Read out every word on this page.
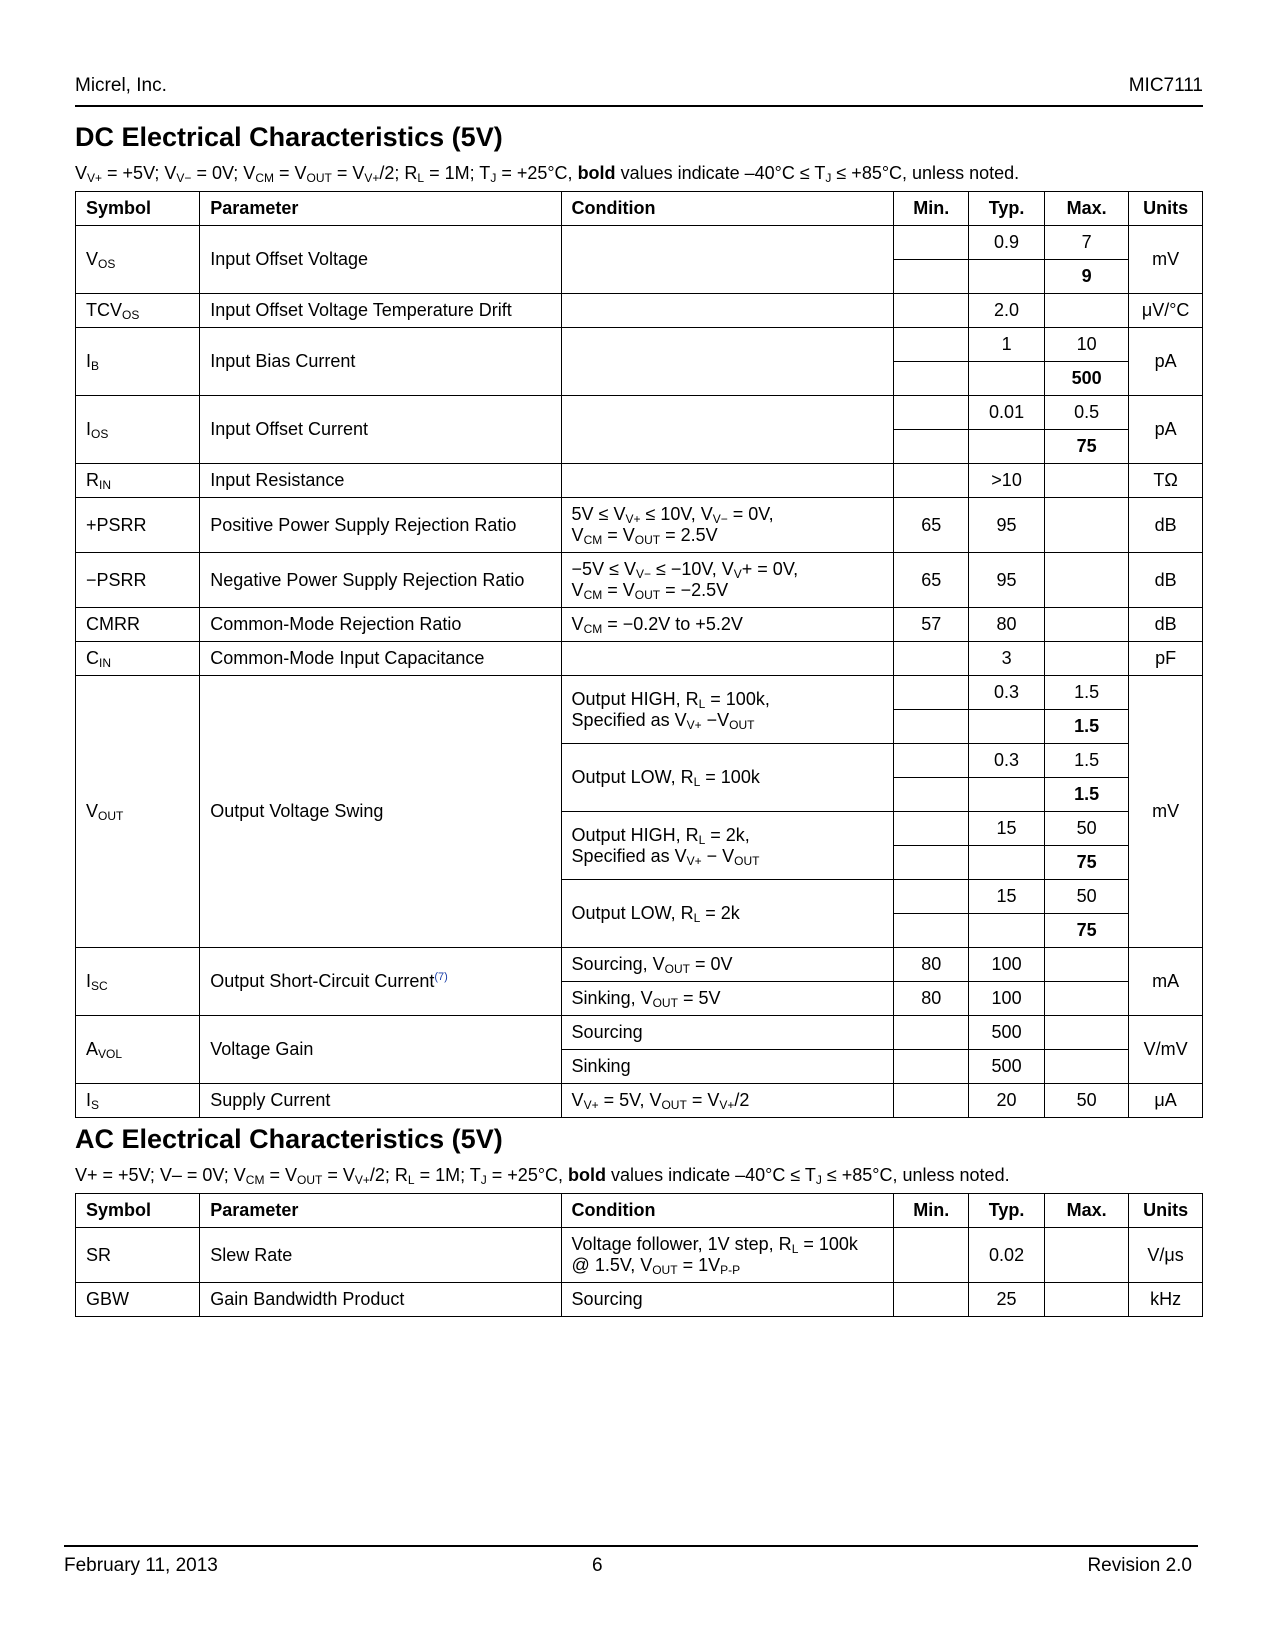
Micrel, Inc.	MIC7111
DC Electrical Characteristics (5V)

$V_{V+} = +5V$; $V_{V-} = 0V$; $V_{CM} = V_{OUT} = V_{V+}/2$; $R_L = 1M$; $T_J = +25^\circ C$, bold values indicate $-40^\circ C \le T_J \le +85^\circ C$, unless noted.

Symbol	Parameter	Condition	Min.	Typ.	Max.	Units
$V_{OS}$	Input Offset Voltage			0.9	7	mV
					9	
$TCV_{OS}$	Input Offset Voltage Temperature Drift			2.0		μV/°C
$I_B$	Input Bias Current			1	10	pA
					500	
$I_{OS}$	Input Offset Current			0.01	0.5	pA
					75	
$R_{IN}$	Input Resistance			>10		TΩ
+PSRR	Positive Power Supply Rejection Ratio	$5V \le V_{V+} \le 10V$, $V_{V-} = 0V$,
$V_{CM} = V_{OUT} = 2.5V$	65	95		dB
−PSRR	Negative Power Supply Rejection Ratio	$-5V \le V_{V-} \le -10V$, $V_V+ = 0V$,
$V_{CM} = V_{OUT} = -2.5V$	65	95		dB
CMRR	Common-Mode Rejection Ratio	$V_{CM} = -0.2V$ to +5.2V	57	80		dB
$C_{IN}$	Common-Mode Input Capacitance			3		pF
$V_{OUT}$	Output Voltage Swing	Output HIGH, $R_L = 100k$,
Specified as $V_{V+} -V_{OUT}$		0.3	1.5	mV
					1.5	
		Output LOW, $R_L = 100k$		0.3	1.5	
					1.5	
		Output HIGH, $R_L = 2k$,
Specified as $V_{V+} - V_{OUT}$		15	50	
					75	
		Output LOW, $R_L = 2k$		15	50	
					75	
$I_{SC}$	Output Short-Circuit Current$^{(7)}$	Sourcing, $V_{OUT} = 0V$	80	100		mA
		Sinking, $V_{OUT} = 5V$	80	100		
$A_{VOL}$	Voltage Gain	Sourcing		500		V/mV
		Sinking		500		
$I_S$	Supply Current	$V_{V+} = 5V$, $V_{OUT} = V_{V+}/2$		20	50	μA
AC Electrical Characteristics (5V)

V+ = +5V; V– = 0V; $V_{CM} = V_{OUT} = V_{V+}/2$; $R_L = 1M$; $T_J = +25^\circ C$, bold values indicate $-40^\circ C \le T_J \le +85^\circ C$, unless noted.

Symbol	Parameter	Condition	Min.	Typ.	Max.	Units
SR	Slew Rate	Voltage follower, 1V step, $R_L = 100k$
@ 1.5V, $V_{OUT} = 1V_{P-P}$		0.02		V/μs
GBW	Gain Bandwidth Product	Sourcing		25		kHz
February 11, 2013	6	Revision 2.0
